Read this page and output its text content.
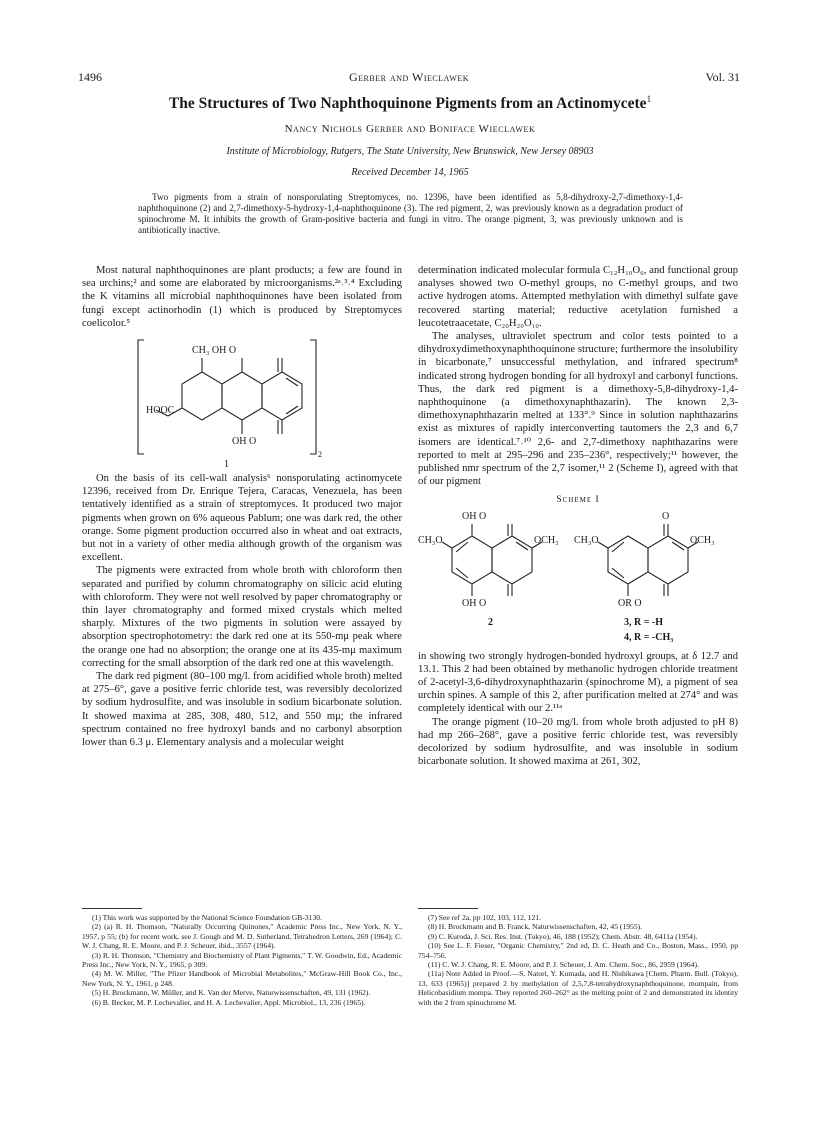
1496	Gerber and Wieclawek	Vol. 31
The Structures of Two Naphthoquinone Pigments from an Actinomycete$^1$
Nancy Nichols Gerber and Boniface Wieclawek
Institute of Microbiology, Rutgers, The State University, New Brunswick, New Jersey 08903
Received December 14, 1965

Two pigments from a strain of nonsporulating Streptomyces, no. 12396, have been identified as 5,8-dihydroxy-2,7-dimethoxy-1,4-naphthoquinone (2) and 2,7-dimethoxy-5-hydroxy-1,4-naphthoquinone (3). The red pigment, 2, was previously known as a degradation product of spinochrome M. It inhibits the growth of Gram-positive bacteria and fungi in vitro. The orange pigment, 3, was previously unknown and is antibiotically inactive.

Most natural naphthoquinones are plant products; a few are found in sea urchins;² and some are elaborated by microorganisms.²ᵃ˒³˒⁴ Excluding the K vitamins all microbial naphthoquinones have been isolated from fungi except actinorhodin (1) which is produced by Streptomyces coelicolor.⁵

CH₃ OH O
HOOC
OH O
2
1

On the basis of its cell-wall analysis⁶ nonsporulating actinomycete 12396, received from Dr. Enrique Tejera, Caracas, Venezuela, has been tentatively identified as a strain of streptomyces. It produced two major pigments when grown on 6% aqueous Pablum; one was dark red, the other orange. Some pigment production occurred also in wheat and oat extracts, but not in a variety of other media although growth of the organism was excellent.

The pigments were extracted from whole broth with chloroform then separated and purified by column chromatography on silicic acid eluting with chloroform. They were not well resolved by paper chromatography or thin layer chromatography and formed mixed crystals which melted sharply. Mixtures of the two pigments in solution were assayed by absorption spectrophotometry: the dark red one at its 550-mμ peak where the orange one had no absorption; the orange one at its 435-mμ maximum correcting for the small absorption of the dark red one at this wavelength.

The dark red pigment (80–100 mg/l. from acidified whole broth) melted at 275–6°, gave a positive ferric chloride test, was reversibly decolorized by sodium hydrosulfite, and was insoluble in sodium bicarbonate solution. It showed maxima at 285, 308, 480, 512, and 550 mμ; the infrared spectrum contained no free hydroxyl bands and no carbonyl absorption lower than 6.3 μ. Elementary analysis and a molecular weight

determination indicated molecular formula C₁₂H₁₀O₆, and functional group analyses showed two O-methyl groups, no C-methyl groups, and two active hydrogen atoms. Attempted methylation with dimethyl sulfate gave recovered starting material; reductive acetylation furnished a leucotetraacetate, C₂₀H₂₀O₁₀.

The analyses, ultraviolet spectrum and color tests pointed to a dihydroxydimethoxynaphthoquinone structure; furthermore the insolubility in bicarbonate,⁷ unsuccessful methylation, and infrared spectrum⁸ indicated strong hydrogen bonding for all hydroxyl and carbonyl functions. Thus, the dark red pigment is a dimethoxy-5,8-dihydroxy-1,4-naphthoquinone (a dimethoxynaphthazarin). The known 2,3-dimethoxynaphthazarin melted at 133°.⁹ Since in solution naphthazarins exist as mixtures of rapidly interconverting tautomers the 2,3 and 6,7 isomers are identical.⁷˒¹⁰ 2,6- and 2,7-dimethoxy naphthazarins were reported to melt at 295–296 and 235–236°, respectively;¹¹ however, the published nmr spectrum of the 2,7 isomer,¹¹ 2 (Scheme I), agreed with that of our pigment

Scheme I
OH O
CH₃O	OCH₃
OH O
2
O
CH₃O	OCH₃
OR O
3, R = -H
4, R = -CH₃

in showing two strongly hydrogen-bonded hydroxyl groups, at δ 12.7 and 13.1. This 2 had been obtained by methanolic hydrogen chloride treatment of 2-acetyl-3,6-dihydroxynaphthazarin (spinochrome M), a pigment of sea urchin spines. A sample of this 2, after purification melted at 274° and was completely identical with our 2.¹¹ᵃ

The orange pigment (10–20 mg/l. from whole broth adjusted to pH 8) had mp 266–268°, gave a positive ferric chloride test, was reversibly decolorized by sodium hydrosulfite, and was insoluble in sodium bicarbonate solution. It showed maxima at 261, 302,

(1) This work was supported by the National Science Foundation GB-3130.

(2) (a) R. H. Thomson, "Naturally Occurring Quinones," Academic Press Inc., New York, N. Y., 1957, p 55; (b) for recent work, see J. Gough and M. D. Sutherland, Tetrahedron Letters, 269 (1964); C. W. J. Chang, R. E. Moore, and P. J. Scheuer, ibid., 3557 (1964).

(3) R. H. Thomson, "Chemistry and Biochemistry of Plant Pigments," T. W. Goodwin, Ed., Academic Press Inc., New York, N. Y., 1965, p 309.

(4) M. W. Miller, "The Pfizer Handbook of Microbial Metabolites," McGraw-Hill Book Co., Inc., New York, N. Y., 1961, p 248.

(5) H. Brockmann, W. Müller, and K. Van der Merve, Naturwissenschaften, 49, 131 (1962).

(6) B. Becker, M. P. Lechevalier, and H. A. Lechevalier, Appl. Microbiol., 13, 236 (1965).

(7) See ref 2a, pp 102, 103, 112, 121.

(8) H. Brockmann and B. Franck, Naturwissenschaften, 42, 45 (1955).

(9) C. Kuroda, J. Sci. Res. Inst. (Tokyo), 46, 188 (1952); Chem. Abstr. 48, 6411a (1954).

(10) See L. F. Fieser, "Organic Chemistry," 2nd ed, D. C. Heath and Co., Boston, Mass., 1950, pp 754–756.

(11) C. W. J. Chang, R. E. Moore, and P. J. Scheuer, J. Am. Chem. Soc., 86, 2959 (1964).

(11a) Note Added in Proof.—S. Natori, Y. Kumada, and H. Nishikawa [Chem. Pharm. Bull. (Tokyo), 13, 633 (1965)] prepared 2 by methylation of 2,5,7,8-tetrahydroxynaphthoquinone, mompain, from Helicobasidium mompa. They reported 260–262° as the melting point of 2 and demonstrated its identity with the 2 from spinochrome M.
